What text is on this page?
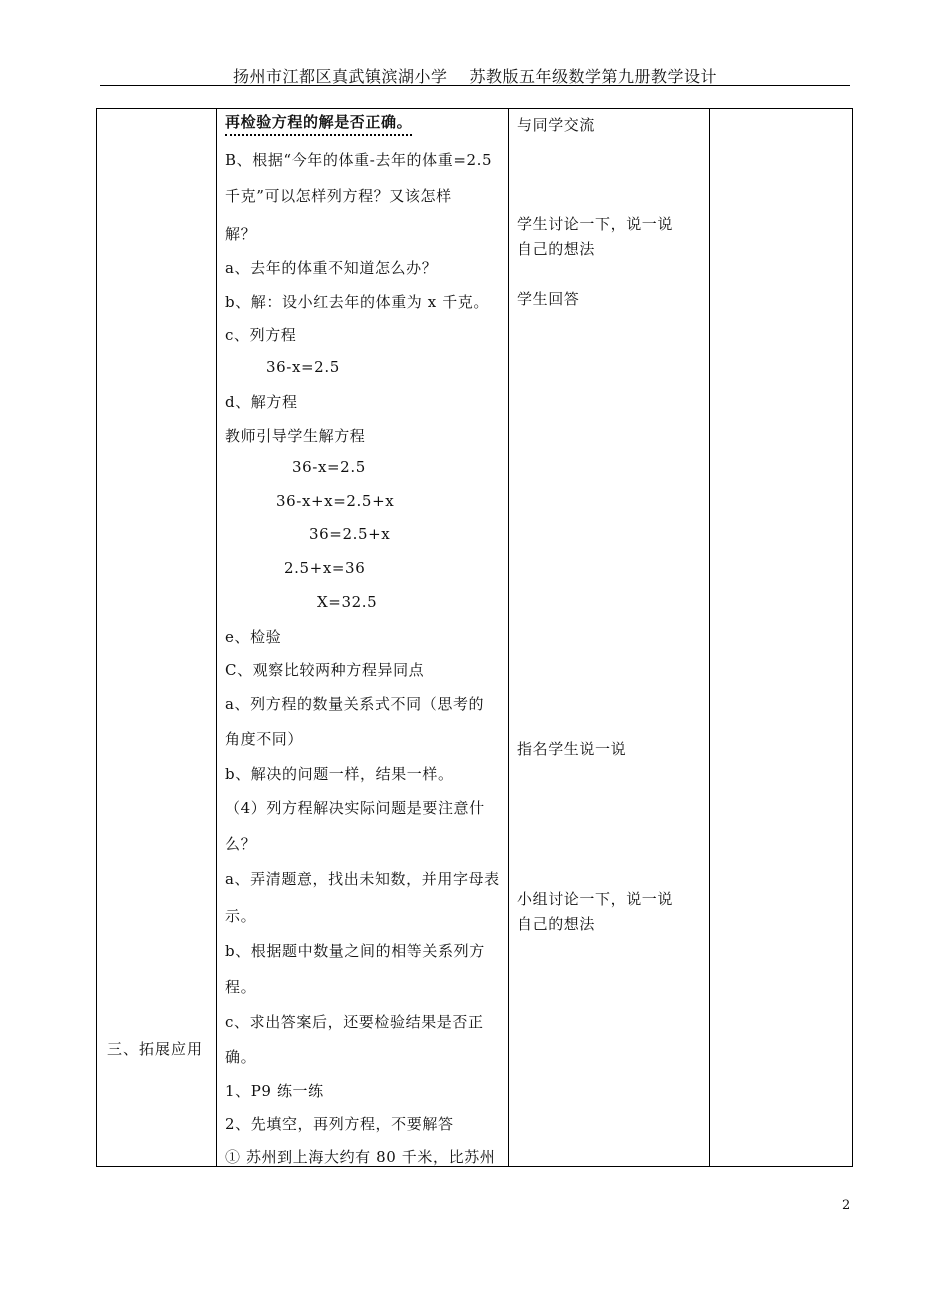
扬州市江都区真武镇滨湖小学 苏教版五年级数学第九册教学设计
三、拓展应用
再检验方程的解是否正确。
B、根据“今年的体重-去年的体重=2.5
千克”可以怎样列方程？又该怎样
解？
a、去年的体重不知道怎么办？
b、解：设小红去年的体重为 x 千克。
c、列方程
36-x=2.5
d、解方程
教师引导学生解方程
36-x=2.5
36-x+x=2.5+x
36=2.5+x
2.5+x=36
X=32.5
e、检验
C、观察比较两种方程异同点
a、列方程的数量关系式不同（思考的
角度不同）
b、解决的问题一样，结果一样。
（4）列方程解决实际问题是要注意什
么？
a、弄清题意，找出未知数，并用字母表
示。
b、根据题中数量之间的相等关系列方
程。
c、求出答案后，还要检验结果是否正
确。
1、P9 练一练
2、先填空，再列方程，不要解答
① 苏州到上海大约有 80 千米，比苏州
与同学交流
学生讨论一下，说一说
自己的想法
学生回答
指名学生说一说
小组讨论一下，说一说
自己的想法
2
